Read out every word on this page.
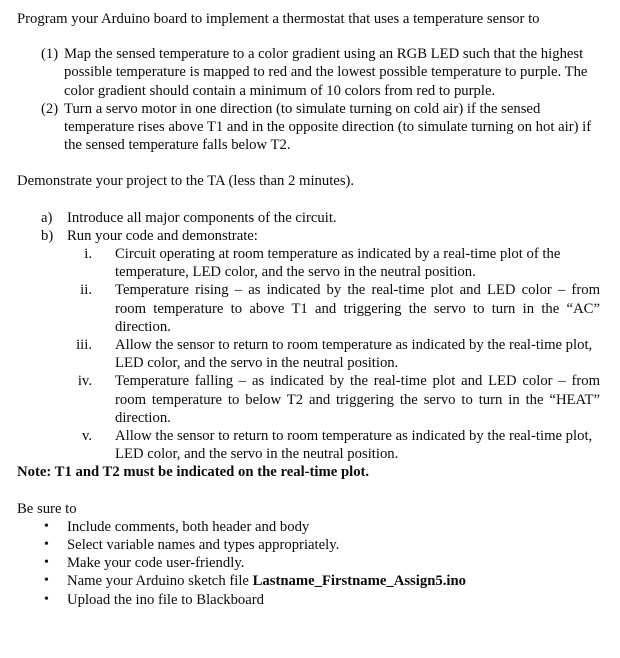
Program your Arduino board to implement a thermostat that uses a temperature sensor to

(1) Map the sensed temperature to a color gradient using an RGB LED such that the highest possible temperature is mapped to red and the lowest possible temperature to purple. The color gradient should contain a minimum of 10 colors from red to purple.
(2) Turn a servo motor in one direction (to simulate turning on cold air) if the sensed temperature rises above T1 and in the opposite direction (to simulate turning on hot air) if the sensed temperature falls below T2.

Demonstrate your project to the TA (less than 2 minutes).

a) Introduce all major components of the circuit.
b) Run your code and demonstrate:
i. Circuit operating at room temperature as indicated by a real-time plot of the temperature, LED color, and the servo in the neutral position.
ii. Temperature rising – as indicated by the real-time plot and LED color – from room temperature to above T1 and triggering the servo to turn in the “AC” direction.
iii. Allow the sensor to return to room temperature as indicated by the real-time plot, LED color, and the servo in the neutral position.
iv. Temperature falling – as indicated by the real-time plot and LED color – from room temperature to below T2 and triggering the servo to turn in the “HEAT” direction.
v. Allow the sensor to return to room temperature as indicated by the real-time plot, LED color, and the servo in the neutral position.

Note: T1 and T2 must be indicated on the real-time plot.

Be sure to

•	Include comments, both header and body
•	Select variable names and types appropriately.
•	Make your code user-friendly.
•	Name your Arduino sketch file Lastname_Firstname_Assign5.ino
•	Upload the ino file to Blackboard
